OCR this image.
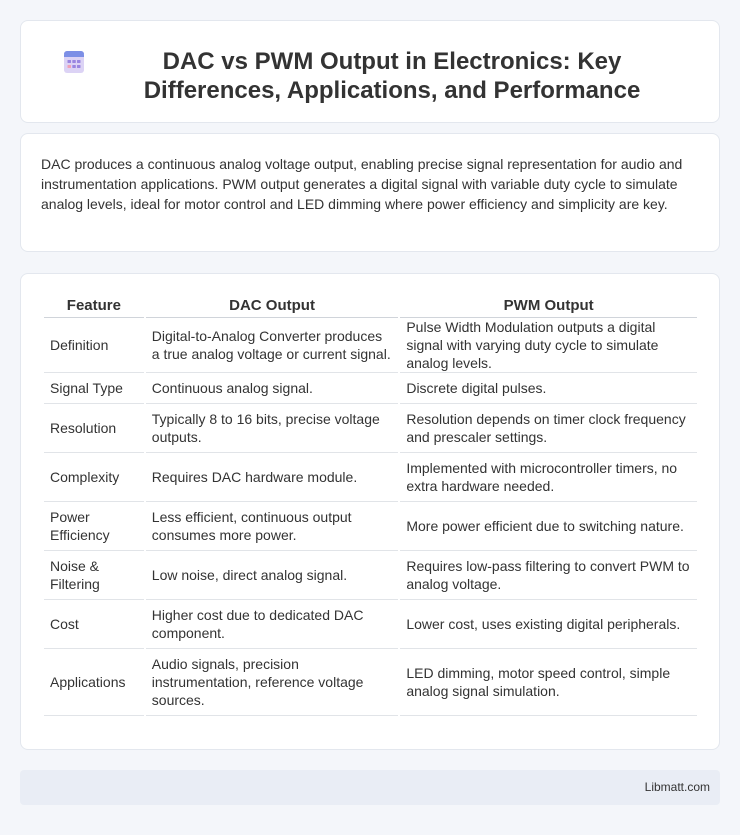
DAC vs PWM Output in Electronics: Key Differences, Applications, and Performance

DAC produces a continuous analog voltage output, enabling precise signal representation for audio and instrumentation applications. PWM output generates a digital signal with variable duty cycle to simulate analog levels, ideal for motor control and LED dimming where power efficiency and simplicity are key.

Feature	DAC Output	PWM Output
Definition	Digital-to-Analog Converter produces a true analog voltage or current signal.	Pulse Width Modulation outputs a digital signal with varying duty cycle to simulate analog levels.
Signal Type	Continuous analog signal.	Discrete digital pulses.
Resolution	Typically 8 to 16 bits, precise voltage outputs.	Resolution depends on timer clock frequency and prescaler settings.
Complexity	Requires DAC hardware module.	Implemented with microcontroller timers, no extra hardware needed.
Power Efficiency	Less efficient, continuous output consumes more power.	More power efficient due to switching nature.
Noise & Filtering	Low noise, direct analog signal.	Requires low-pass filtering to convert PWM to analog voltage.
Cost	Higher cost due to dedicated DAC component.	Lower cost, uses existing digital peripherals.
Applications	Audio signals, precision instrumentation, reference voltage sources.	LED dimming, motor speed control, simple analog signal simulation.
Libmatt.com
